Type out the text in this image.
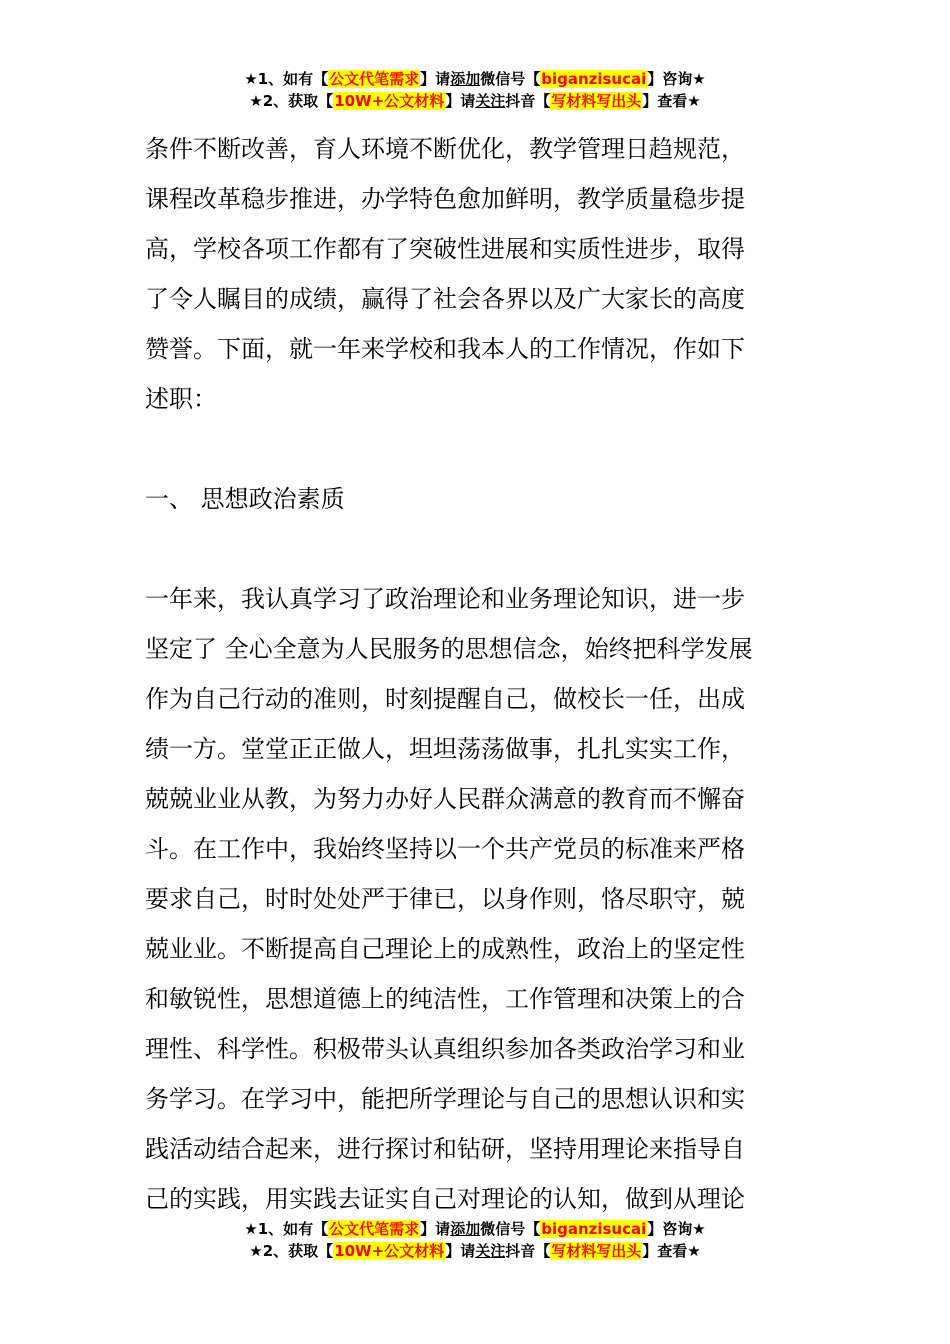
★1、如有【公文代笔需求】请添加微信号【biganzisucai】咨询★
★2、获取【10W+公文材料】请关注抖音【写材料写出头】查看★
条件不断改善，育人环境不断优化，教学管理日趋规范，
课程改革稳步推进，办学特色愈加鲜明，教学质量稳步提
高，学校各项工作都有了突破性进展和实质性进步，取得
了令人瞩目的成绩，赢得了社会各界以及广大家长的高度
赞誉。下面，就一年来学校和我本人的工作情况，作如下
述职：
一、 思想政治素质
一年来，我认真学习了政治理论和业务理论知识，进一步
坚定了 全心全意为人民服务的思想信念，始终把科学发展
作为自己行动的准则，时刻提醒自己，做校长一任，出成
绩一方。堂堂正正做人，坦坦荡荡做事，扎扎实实工作，
兢兢业业从教，为努力办好人民群众满意的教育而不懈奋
斗。在工作中，我始终坚持以一个共产党员的标准来严格
要求自己，时时处处严于律已，以身作则，恪尽职守，兢
兢业业。不断提高自己理论上的成熟性，政治上的坚定性
和敏锐性，思想道德上的纯洁性，工作管理和决策上的合
理性、科学性。积极带头认真组织参加各类政治学习和业
务学习。在学习中，能把所学理论与自己的思想认识和实
践活动结合起来，进行探讨和钻研，坚持用理论来指导自
己的实践，用实践去证实自己对理论的认知，做到从理论
★1、如有【公文代笔需求】请添加微信号【biganzisucai】咨询★
★2、获取【10W+公文材料】请关注抖音【写材料写出头】查看★
